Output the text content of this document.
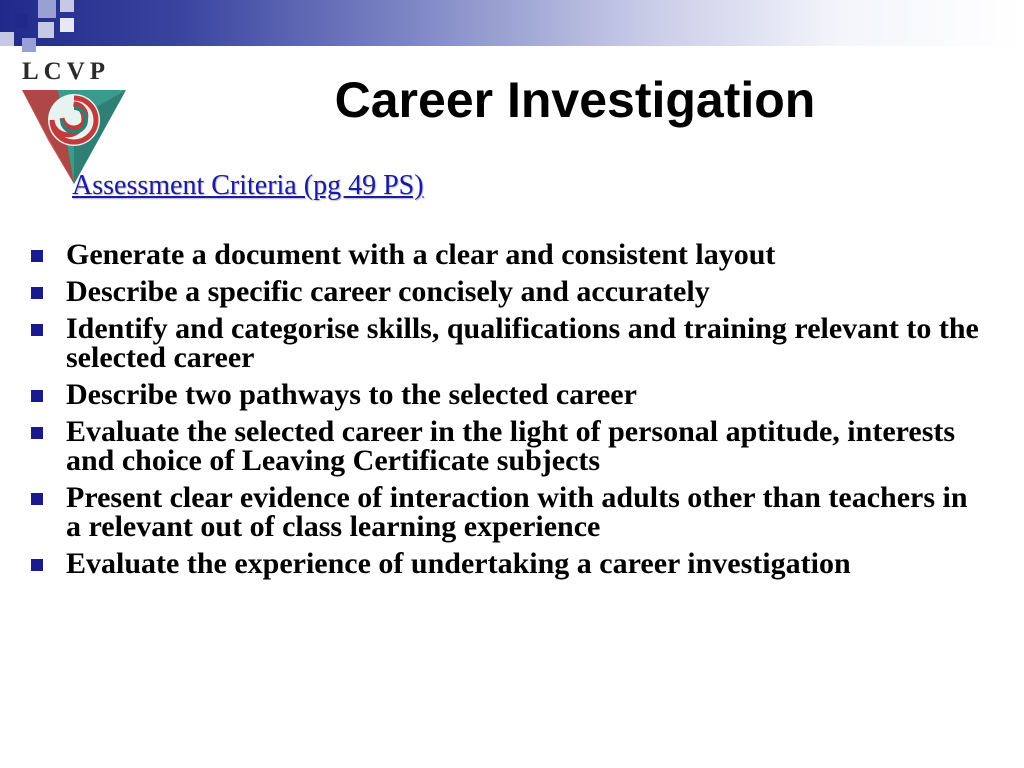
LCVP
Career Investigation
Assessment Criteria (pg 49 PS)
Generate a document with a clear and consistent layout
Describe a specific career concisely and accurately
Identify and categorise skills, qualifications and training relevant to the selected career
Describe two pathways to the selected career
Evaluate the selected career in the light of personal aptitude, interests and choice of Leaving Certificate subjects
Present clear evidence of interaction with adults other than teachers in a relevant out of class learning experience
Evaluate the experience of undertaking a career investigation
